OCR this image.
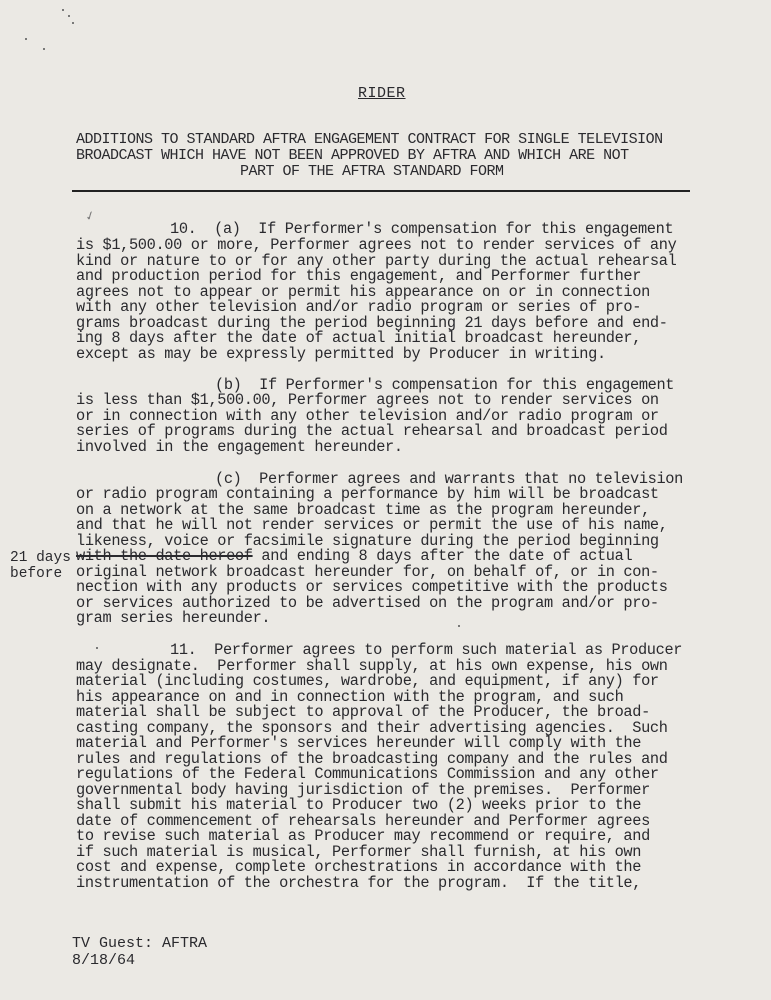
RIDER
ADDITIONS TO STANDARD AFTRA ENGAGEMENT CONTRACT FOR SINGLE TELEVISION
BROADCAST WHICH HAVE NOT BEEN APPROVED BY AFTRA AND WHICH ARE NOT
PART OF THE AFTRA STANDARD FORM
✓
10.  (a)  If Performer's compensation for this engagement
is $1,500.00 or more, Performer agrees not to render services of any
kind or nature to or for any other party during the actual rehearsal
and production period for this engagement, and Performer further
agrees not to appear or permit his appearance on or in connection
with any other television and/or radio program or series of pro-
grams broadcast during the period beginning 21 days before and end-
ing 8 days after the date of actual initial broadcast hereunder,
except as may be expressly permitted by Producer in writing.
(b)  If Performer's compensation for this engagement
is less than $1,500.00, Performer agrees not to render services on
or in connection with any other television and/or radio program or
series of programs during the actual rehearsal and broadcast period
involved in the engagement hereunder.
(c)  Performer agrees and warrants that no television
or radio program containing a performance by him will be broadcast
on a network at the same broadcast time as the program hereunder,
and that he will not render services or permit the use of his name,
likeness, voice or facsimile signature during the period beginning
with the date hereof and ending 8 days after the date of actual
original network broadcast hereunder for, on behalf of, or in con-
nection with any products or services competitive with the products
or services authorized to be advertised on the program and/or pro-
gram series hereunder.
21 days
before
11.  Performer agrees to perform such material as Producer
may designate.  Performer shall supply, at his own expense, his own
material (including costumes, wardrobe, and equipment, if any) for
his appearance on and in connection with the program, and such
material shall be subject to approval of the Producer, the broad-
casting company, the sponsors and their advertising agencies.  Such
material and Performer's services hereunder will comply with the
rules and regulations of the broadcasting company and the rules and
regulations of the Federal Communications Commission and any other
governmental body having jurisdiction of the premises.  Performer
shall submit his material to Producer two (2) weeks prior to the
date of commencement of rehearsals hereunder and Performer agrees
to revise such material as Producer may recommend or require, and
if such material is musical, Performer shall furnish, at his own
cost and expense, complete orchestrations in accordance with the
instrumentation of the orchestra for the program.  If the title,
TV Guest: AFTRA
8/18/64
